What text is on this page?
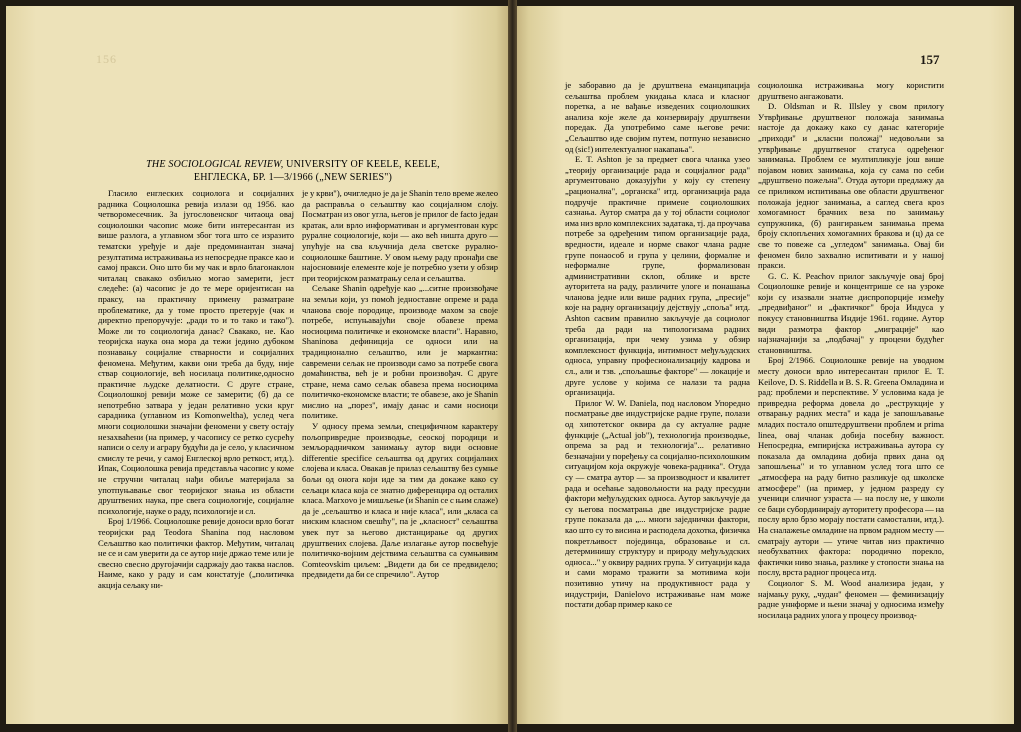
156	157
THE SOCIOLOGICAL REVIEW, UNIVERSITY OF KEELE, KEELE, ЕНГЛЕСКА, БР. 1—3/1966 („NEW SERIES")

Гласило енглеских социолога и социјалних радника Социолошка ревија излази од 1956. као четворомесечник. За југословенског читаоца овај социолошки часопис може бити интересантан из више разлога, а углавном због тога што се изразито тематски уређује и даје предоминантан значај резултатима истраживања из непосредне праксе као и самој пракси. Оно што би му чак и врло благонаклон читалац свакако озбиљно могао замерити, јест следеће: (а) часопис је до те мере оријентисан на праксу, на практичну примену разматране проблематике, да у томе просто претерује (чак и директно препоручује: „ради то и то тако и тако"). Може ли то социологија данас? Свакако, не. Као теоријска наука она мора да тежи једино дубоком познавању социјалне стварности и социјалних феномена. Међутим, какви они треба да буду, није ствар социологије, већ носилаца политике,односно практичне људске делатности. С друге стране, Социолошкој ревији може се замерити; (б) да се непотребно затвара у један релативно уски круг сарадника (углавном из Komonweltha), услед чега многи социолошки значајни феномени у свету остају незахваћени (на пример, у часопису се ретко сусрећу написи о селу и аграру будући да је село, у класичном смислу те речи, у самој Енглеској врло реткост, итд.). Ипак, Социолошка ревија представља часопис у коме не стручни читалац нађи обиље материјала за употпуњавање свог теоријског знања из области друштвених наука, пре свега социологије, социјалне психологије, науке о раду, психологије и сл.

Број 1/1966. Социолошке ревије доноси врло богат теоријски рад Teodora Shanina под насловом Сељаштво као политички фактор. Међутим, читалац не се и сам уверити да се аутор није држао теме или је свесно свесно другојачији садржају дао таква наслов. Наиме, како у раду и сам констатује („политичка акција сељаку ни-

је у крви"), очигледно је да је Shanin тело време желео да расправља о сељаштву као социјалном слоју. Посматран из овог угла, његов је прилог de facto један кратак, али врло информативан и аргументован курс руралне социологије, који — ако већ ништа друго — упућује на сва кључнија дела светске рурално-социолошке баштине. У овом њему раду пронађи све најосновније елементе које је потребно узети у обзир при теоријском разматрању села и сељаштва.

Сељаке Shanin одређује као „...ситне произвођаче на земљи који, уз помоћ једноставне опреме и рада чланова своје породице, производе махом за своје потребе, испуњавајући своје обавезе према носиоцима политичке и економске власти". Наравно, Shaninова дефиниција се односи или на традиционално сељаштво, или је маркантна: савремени сељак не производи само за потребе свога домаћинства, већ је и робни произвођач. С друге стране, нема само сељак обавеза према носиоцима политичко-економске власти; те обавезе, ако је Shanin мислио на „порез", имају данас и сами носиоци политике.

У односу према земљи, специфичном карактеру пољопривредне производње, сеоској породици и земљорадничком занимању аутор види основне differentie specifice сељаштва од других социјалних слојева и класа. Овакав је прилаз сељаштву без сумње бољи од онога који иде за тим да докаже како су сељаци класа која се знатно диференцира од осталих класа. Marxovo је мишљење (и Shanin се с њим слаже) да је „сељаштво и класа и није класа", или „класа са ниским класном свешћу", па је „класност" сељаштва увек пут за његово дистанцирање од других друштвених слојева. Даље излагање аутор посвећује политичко-војним дејствима сељаштва са сумњивим Comteovskim циљем: „Видети да би се предвидело; предвидети да би се спречило". Аутор

је заборавио да је друштвена еманципација сељаштва проблем укидања класа и класног поретка, а не вађање изведених социолошких анализа које желе да конзервирају друштвени поредак. Да употребимо саме његове речи: „Сељаштво иде својим путем, потпуно независно од (sic!) интелектуалног накапања".

E. T. Ashton је за предмет свога чланка узео „теорију организације рада и социјалног рада" аргументовано доказујући у коју су степену „рационална", „органска" итд. организација рада подручје практичне примене социолошких сазнања. Аутор сматра да у тој области социолог има низ врло комплексних задатака, тј. да проучава потребе за одређеним типом организације рада, вредности, идеале и норме сваког члана радне групе понаособ и група у целини, формалне и неформалне групе, формализован административни склоп, облике и врсте ауторитета на раду, различите улоге и понашања чланова једне или више радних група, „пресије" које на радну организацију дејствују „споља" итд. Ashton сасвим правилно закључује да социолог треба да ради на типологизама радних организација, при чему узима у обзир комплексност функција, интимност међуљудских односа, управну професионализацију кадрова и сл., али и тзв. „спољашње факторе" — локације и друге услове у којима се налази та радна организација.

Прилог W. W. Daniela, под насловом Упоредно посматрање две индустријске радне групе, полази од хипотетског оквира да су актуалне радне функције („Actual job"), технологија производње, опрема за рад и технологија"... релативно безначајни у поређењу са социјално-психолошким ситуацијом која окружује човека-радника". Отуда су — сматра аутор — за производност и квалитет рада и осећање задовољности на раду пресудни фактори међуљудских односа. Аутор закључује да су његова посматрања две индустријске радне групе показала да „... многи заједнички фактори, као што су то висина и расподела дохотка, физичка покретљивост појединца, образовање и сл. детерминишу структуру и природу међуљудских односа..." у оквиру радних група. У ситуацији када и сами морамо тражити за мотивима који позитивно утичу на продуктивност рада у индустрији, Danielovo истраживање нам може постати добар пример како се

социолошка истраживања могу користити друштвено ангажовати.

D. Oldsman и R. Illsley у свом прилогу Утврђивање друштвеног положаја занимања настоје да докажу како су данас категорије „приходи" и „класни положај" недовољни за утврђивање друштвеног статуса одређеног занимања. Проблем се мултипликује још више појавом нових занимања, која су сама по себи „друштвено пожељна". Отуда аутори предлажу да се приликом испитивања ове области друштвеног положаја једног занимања, а саглед свега крoз хомогамност брачних веза по занимању супружника, (б) рангирањем занимања према броју склопљених хомогамних бракова и (ц) да се све то повеже са „угледом" занимања. Овај би феномен било захвално испитивати и у нашој пракси.

G. C. K. Peachov прилог закључује овај број Социолошке ревије и концентрише се на узроке који су изазвали знатне диспропорције између „предвиђаног" и „фактичког" броја Индуса у покусу становништва Индије 1961. године. Аутор види размотра фактор „миграције" као најзначајнији за „подбачај" у процени будућег становништва.

Број 2/1966. Социолошке ревије на уводном месту доноси врло интересантан прилог E. T. Keilove, D. S. Riddella и B. S. R. Greena Омладина и рад: проблеми и перспективе. У условима када је привредна реформа довела до „реструкције у отварању радних места" и када је запошљавање младих постало општедруштвени проблем и prima linea, овај чланак добија посебну важност. Непосредна, емпиријска истраживања аутора су показала да омладина добија првих дана од запошљења" и то углавном услед тога што се „атмосфера на раду битно разликује од школске атмосфере" (на пример, у једном разреду су ученици сличног узраста — на послу не, у школи се баци субординирају ауторитету професора — на послу врло брзо морају постати самостални, итд.). На сналажење омладине на првом радном месту — сматрају аутори — утиче читав низ практично необухватних фактора: породично порекло, фактички ниво знања, разлике у стопости знања на послу, врста радног процеса итд.

Социолог S. M. Wood анализира један, у најмању руку, „чудан" феномен — феминизацију радне уннформе и њени значај у односима између носилаца радних улога у процесу производ-
